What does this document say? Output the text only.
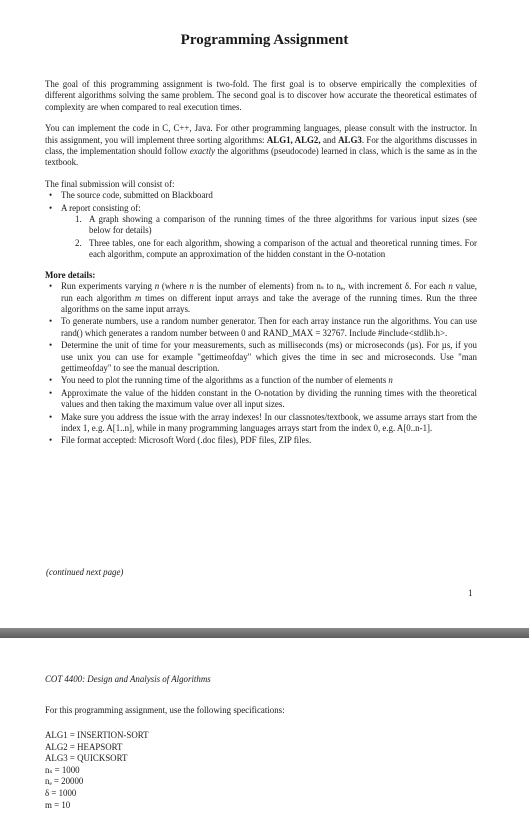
Programming Assignment

The goal of this programming assignment is two-fold. The first goal is to observe empirically the complexities of different algorithms solving the same problem. The second goal is to discover how accurate the theoretical estimates of complexity are when compared to real execution times.

You can implement the code in C, C++, Java. For other programming languages, please consult with the instructor. In this assignment, you will implement three sorting algorithms: ALG1, ALG2, and ALG3. For the algorithms discusses in class, the implementation should follow exactly the algorithms (pseudocode) learned in class, which is the same as in the textbook.

The final submission will consist of:
• The source code, submitted on Blackboard
• A report consisting of:
1. A graph showing a comparison of the running times of the three algorithms for various input sizes (see below for details)
2. Three tables, one for each algorithm, showing a comparison of the actual and theoretical running times. For each algorithm, compute an approximation of the hidden constant in the O-notation
More details:
• Run experiments varying n (where n is the number of elements) from nₛ to nₑ, with increment δ. For each n value, run each algorithm m times on different input arrays and take the average of the running times. Run the three algorithms on the same input arrays.
• To generate numbers, use a random number generator. Then for each array instance run the algorithms. You can use rand() which generates a random number between 0 and RAND_MAX = 32767. Include #include<stdlib.h>.
• Determine the unit of time for your measurements, such as milliseconds (ms) or microseconds (µs). For µs, if you use unix you can use for example "gettimeofday" which gives the time in sec and microseconds. Use "man gettimeofday" to see the manual description.
• You need to plot the running time of the algorithms as a function of the number of elements n
• Approximate the value of the hidden constant in the O-notation by dividing the running times with the theoretical values and then taking the maximum value over all input sizes.
• Make sure you address the issue with the array indexes! In our classnotes/textbook, we assume arrays start from the index 1, e.g. A[1..n], while in many programming languages arrays start from the index 0, e.g. A[0..n-1].
• File format accepted: Microsoft Word (.doc files), PDF files, ZIP files.
(continued next page)
1
COT 4400: Design and Analysis of Algorithms
For this programming assignment, use the following specifications:
ALG1 = INSERTION-SORT
ALG2 = HEAPSORT
ALG3 = QUICKSORT
nₛ = 1000
nₑ = 20000
δ = 1000
m = 10
